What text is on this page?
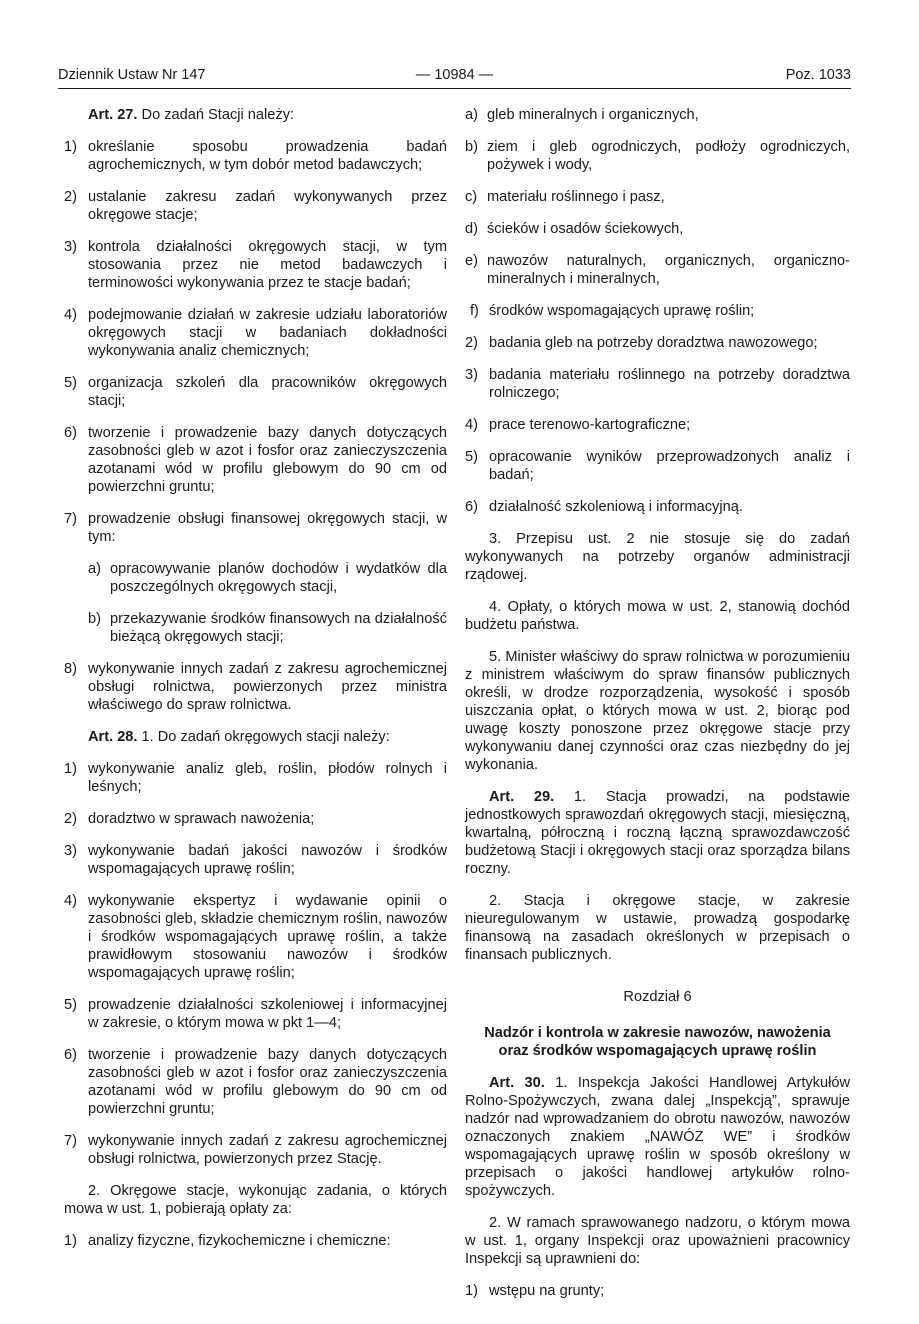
Dziennik Ustaw Nr 147	— 10984 —	Poz. 1033

Art. 27. Do zadań Stacji należy:

1) określanie sposobu prowadzenia badań agrochemicznych, w tym dobór metod badawczych;
2) ustalanie zakresu zadań wykonywanych przez okręgowe stacje;
3) kontrola działalności okręgowych stacji, w tym stosowania przez nie metod badawczych i terminowości wykonywania przez te stacje badań;
4) podejmowanie działań w zakresie udziału laboratoriów okręgowych stacji w badaniach dokładności wykonywania analiz chemicznych;
5) organizacja szkoleń dla pracowników okręgowych stacji;
6) tworzenie i prowadzenie bazy danych dotyczących zasobności gleb w azot i fosfor oraz zanieczyszczenia azotanami wód w profilu glebowym do 90 cm od powierzchni gruntu;
7) prowadzenie obsługi finansowej okręgowych stacji, w tym:
a) opracowywanie planów dochodów i wydatków dla poszczególnych okręgowych stacji,
b) przekazywanie środków finansowych na działalność bieżącą okręgowych stacji;
8) wykonywanie innych zadań z zakresu agrochemicznej obsługi rolnictwa, powierzonych przez ministra właściwego do spraw rolnictwa.

Art. 28. 1. Do zadań okręgowych stacji należy:

1) wykonywanie analiz gleb, roślin, płodów rolnych i leśnych;
2) doradztwo w sprawach nawożenia;
3) wykonywanie badań jakości nawozów i środków wspomagających uprawę roślin;
4) wykonywanie ekspertyz i wydawanie opinii o zasobności gleb, składzie chemicznym roślin, nawozów i środków wspomagających uprawę roślin, a także prawidłowym stosowaniu nawozów i środków wspomagających uprawę roślin;
5) prowadzenie działalności szkoleniowej i informacyjnej w zakresie, o którym mowa w pkt 1—4;
6) tworzenie i prowadzenie bazy danych dotyczących zasobności gleb w azot i fosfor oraz zanieczyszczenia azotanami wód w profilu glebowym do 90 cm od powierzchni gruntu;
7) wykonywanie innych zadań z zakresu agrochemicznej obsługi rolnictwa, powierzonych przez Stację.

2. Okręgowe stacje, wykonując zadania, o których mowa w ust. 1, pobierają opłaty za:

1) analizy fizyczne, fizykochemiczne i chemiczne:
a) gleb mineralnych i organicznych,
b) ziem i gleb ogrodniczych, podłoży ogrodniczych, pożywek i wody,
c) materiału roślinnego i pasz,
d) ścieków i osadów ściekowych,
e) nawozów naturalnych, organicznych, organiczno-mineralnych i mineralnych,
f) środków wspomagających uprawę roślin;
2) badania gleb na potrzeby doradztwa nawozowego;
3) badania materiału roślinnego na potrzeby doradztwa rolniczego;
4) prace terenowo-kartograficzne;
5) opracowanie wyników przeprowadzonych analiz i badań;
6) działalność szkoleniową i informacyjną.

3. Przepisu ust. 2 nie stosuje się do zadań wykonywanych na potrzeby organów administracji rządowej.

4. Opłaty, o których mowa w ust. 2, stanowią dochód budżetu państwa.

5. Minister właściwy do spraw rolnictwa w porozumieniu z ministrem właściwym do spraw finansów publicznych określi, w drodze rozporządzenia, wysokość i sposób uiszczania opłat, o których mowa w ust. 2, biorąc pod uwagę koszty ponoszone przez okręgowe stacje przy wykonywaniu danej czynności oraz czas niezbędny do jej wykonania.

Art. 29. 1. Stacja prowadzi, na podstawie jednostkowych sprawozdań okręgowych stacji, miesięczną, kwartalną, półroczną i roczną łączną sprawozdawczość budżetową Stacji i okręgowych stacji oraz sporządza bilans roczny.

2. Stacja i okręgowe stacje, w zakresie nieuregulowanym w ustawie, prowadzą gospodarkę finansową na zasadach określonych w przepisach o finansach publicznych.

Rozdział 6

Nadzór i kontrola w zakresie nawozów, nawożenia oraz środków wspomagających uprawę roślin

Art. 30. 1. Inspekcja Jakości Handlowej Artykułów Rolno-Spożywczych, zwana dalej „Inspekcją”, sprawuje nadzór nad wprowadzaniem do obrotu nawozów, nawozów oznaczonych znakiem „NAWÓZ WE” i środków wspomagających uprawę roślin w sposób określony w przepisach o jakości handlowej artykułów rolno-spożywczych.

2. W ramach sprawowanego nadzoru, o którym mowa w ust. 1, organy Inspekcji oraz upoważnieni pracownicy Inspekcji są uprawnieni do:

1) wstępu na grunty;
